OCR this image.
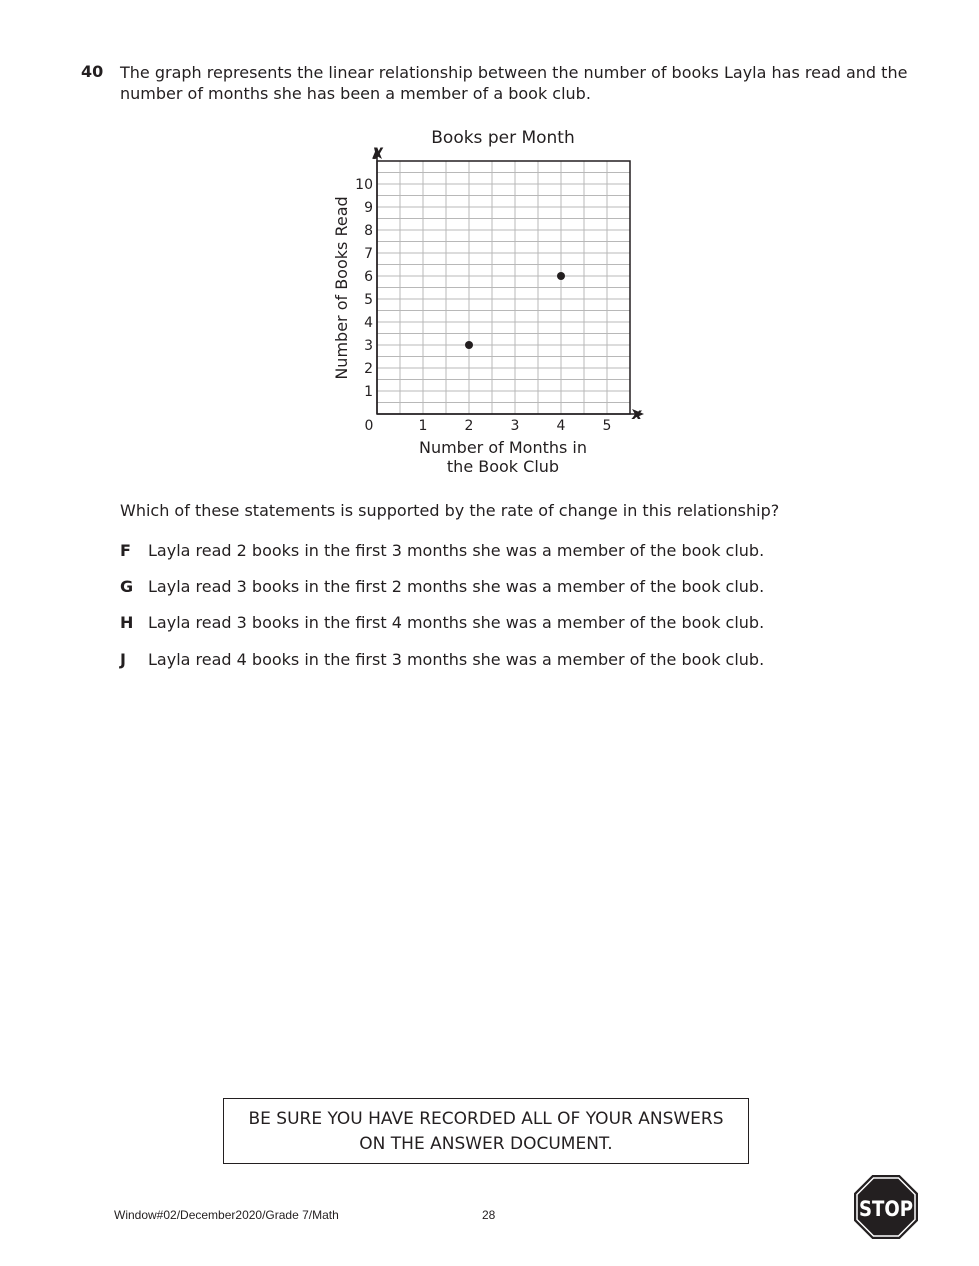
40 The graph represents the linear relationship between the number of books Layla has read and the number of months she has been a member of a book club.
Books per Month
1	2	3	4	5
1
2
3
4
5
6
7
8
9
10
Number of Books Read
Number of Months in
the Book Club
x
y
0
Which of these statements is supported by the rate of change in this relationship?
F Layla read 2 books in the first 3 months she was a member of the book club.
G Layla read 3 books in the first 2 months she was a member of the book club.
H Layla read 3 books in the first 4 months she was a member of the book club.
J Layla read 4 books in the first 3 months she was a member of the book club.
BE SURE YOU HAVE RECORDED ALL OF YOUR ANSWERS
ON THE ANSWER DOCUMENT.
Window#02/December2020/Grade 7/Math	28	STOP
